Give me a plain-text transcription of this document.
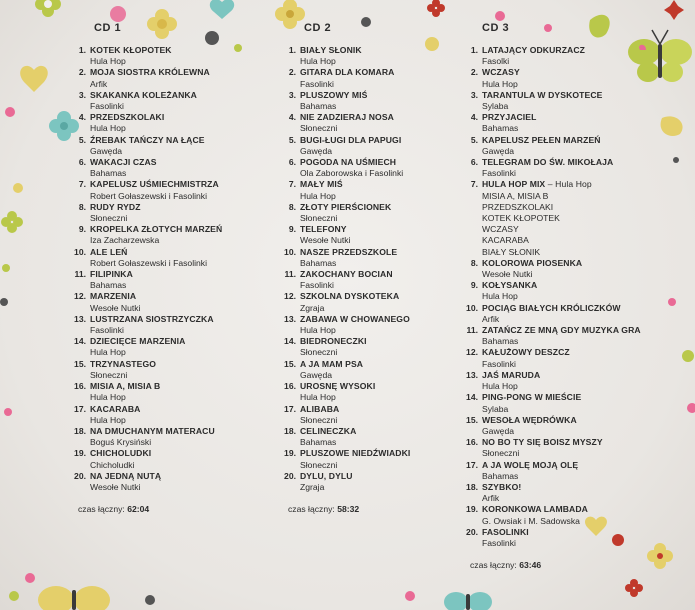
CD 1
1. KOTEK KŁOPOTEK
Hula Hop
2. MOJA SIOSTRA KRÓLEWNA
Arfik
3. SKAKANKA KOLEŻANKA
Fasolinki
4. PRZEDSZKOLAKI
Hula Hop
5. ŹREBAK TAŃCZY NA ŁĄCE
Gawęda
6. WAKACJI CZAS
Bahamas
7. KAPELUSZ UŚMIECHMISTRZA
Robert Gołaszewski i Fasolinki
8. RUDY RYDZ
Słoneczni
9. KROPELKA ZŁOTYCH MARZEŃ
Iza Zacharzewska
10. ALE LEŃ
Robert Gołaszewski i Fasolinki
11. FILIPINKA
Bahamas
12. MARZENIA
Wesołe Nutki
13. LUSTRZANA SIOSTRZYCZKA
Fasolinki
14. DZIECIĘCE MARZENIA
Hula Hop
15. TRZYNASTEGO
Słoneczni
16. MISIA A, MISIA B
Hula Hop
17. KACARABA
Hula Hop
18. NA DMUCHANYM MATERACU
Boguś Krysiński
19. CHICHOLUDKI
Chicholudki
20. NA JEDNĄ NUTĄ
Wesołe Nutki
czas łączny: 62:04
CD 2
1. BIAŁY SŁONIK
Hula Hop
2. GITARA DLA KOMARA
Fasolinki
3. PLUSZOWY MIŚ
Bahamas
4. NIE ZADZIERAJ NOSA
Słoneczni
5. BUGI-ŁUGI DLA PAPUGI
Gawęda
6. POGODA NA UŚMIECH
Ola Zaborowska i Fasolinki
7. MAŁY MIŚ
Hula Hop
8. ZŁOTY PIERŚCIONEK
Słoneczni
9. TELEFONY
Wesołe Nutki
10. NASZE PRZEDSZKOLE
Bahamas
11. ZAKOCHANY BOCIAN
Fasolinki
12. SZKOLNA DYSKOTEKA
Zgraja
13. ZABAWA W CHOWANEGO
Hula Hop
14. BIEDRONECZKI
Słoneczni
15. A JA MAM PSA
Gawęda
16. UROSNĘ WYSOKI
Hula Hop
17. ALIBABA
Słoneczni
18. CELINECZKA
Bahamas
19. PLUSZOWE NIEDŹWIADKI
Słoneczni
20. DYLU, DYLU
Zgraja
czas łączny: 58:32
CD 3
1. LATAJĄCY ODKURZACZ
Fasolki
2. WCZASY
Hula Hop
3. TARANTULA W DYSKOTECE
Sylaba
4. PRZYJACIEL
Bahamas
5. KAPELUSZ PEŁEN MARZEŃ
Gawęda
6. TELEGRAM DO ŚW. MIKOŁAJA
Fasolinki
7. HULA HOP MIX – Hula Hop
MISIA A, MISIA B
PRZEDSZKOLAKI
KOTEK KŁOPOTEK
WCZASY
KACARABA
BIAŁY SŁONIK
8. KOLOROWA PIOSENKA
Wesołe Nutki
9. KOŁYSANKA
Hula Hop
10. POCIĄG BIAŁYCH KRÓLICZKÓW
Arfik
11. ZATAŃCZ ZE MNĄ GDY MUZYKA GRA
Bahamas
12. KAŁUŻOWY DESZCZ
Fasolinki
13. JAŚ MARUDA
Hula Hop
14. PING-PONG W MIEŚCIE
Sylaba
15. WESOŁA WĘDRÓWKA
Gawęda
16. NO BO TY SIĘ BOISZ MYSZY
Słoneczni
17. A JA WOLĘ MOJĄ OLĘ
Bahamas
18. SZYBKO!
Arfik
19. KORONKOWA LAMBADA
G. Owsiak i M. Sadowska
20. FASOLINKI
Fasolinki
czas łączny: 63:46
